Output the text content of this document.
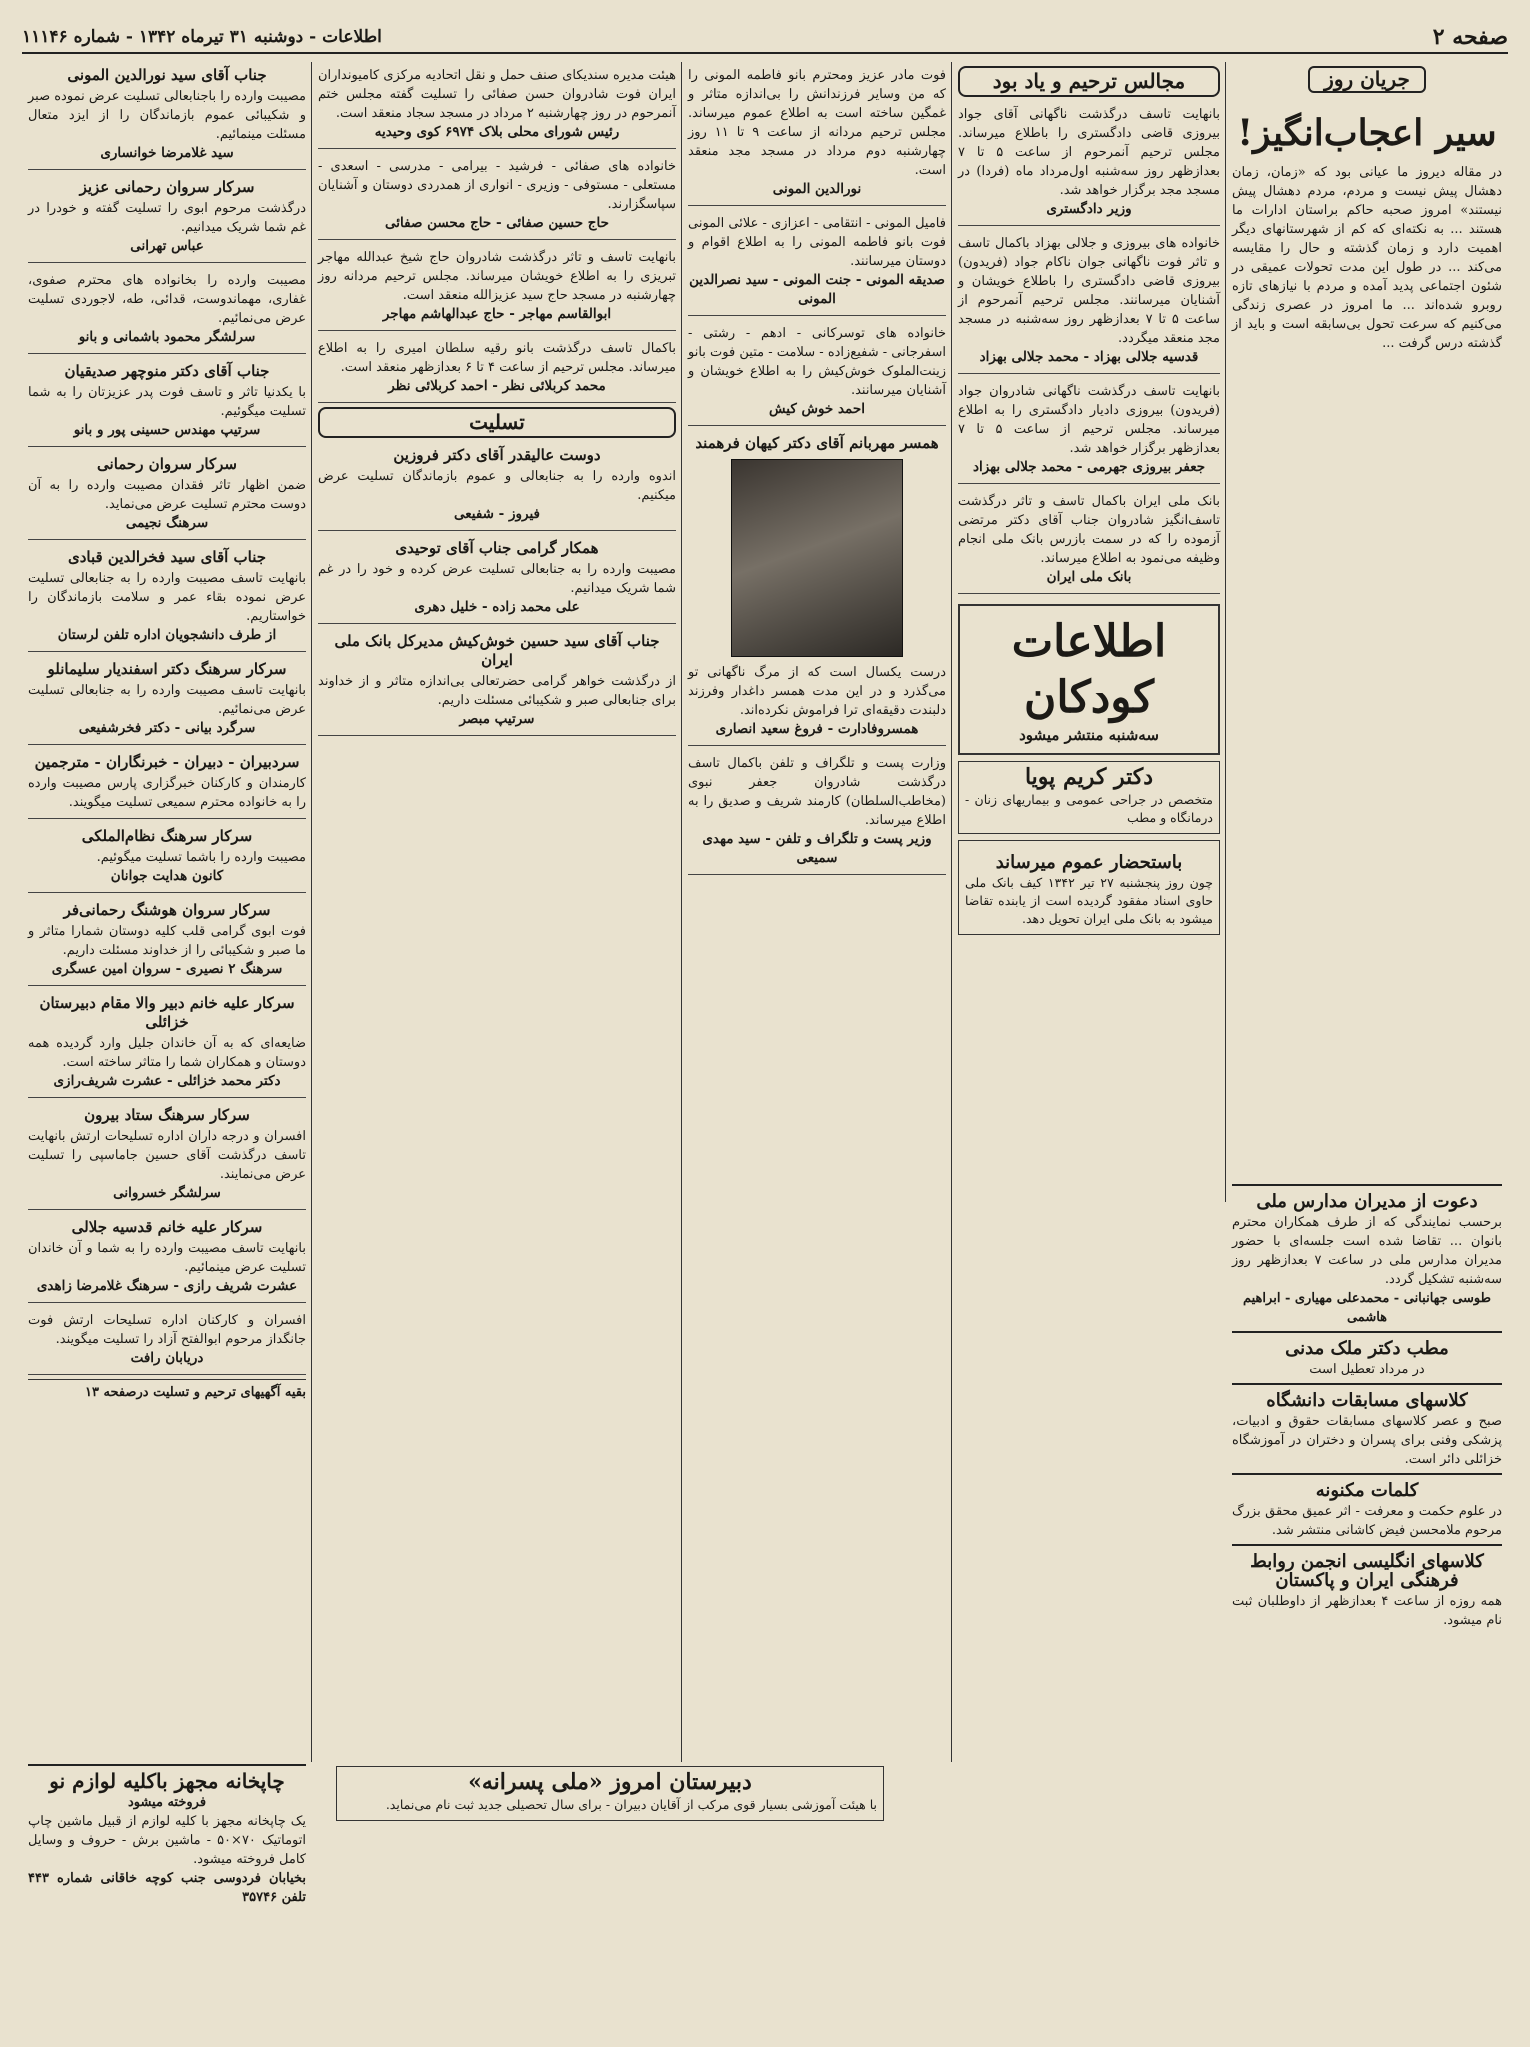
صفحه ۲
اطلاعات - دوشنبه ۳۱ تیرماه ۱۳۴۲ - شماره ۱۱۱۴۶
جریان روز
سیر اعجاب‌انگیز!
در مقاله دیروز ما عیانی بود که «زمان، زمان دهشال پیش نیست و مردم، مردم دهشال پیش نیستند» امروز صحبه حاکم براستان ادارات ما هستند ... به نکته‌ای که کم از شهرستانهای دیگر اهمیت دارد و زمان گذشته و حال را مقایسه می‌کند ... در طول این مدت تحولات عمیقی در شئون اجتماعی پدید آمده و مردم با نیازهای تازه روبرو شده‌اند ... ما امروز در عصری زندگی می‌کنیم که سرعت تحول بی‌سابقه است و باید از گذشته درس گرفت ...
مجالس ترحیم و یاد بود
بانهایت تاسف درگذشت ناگهانی آقای جواد بیروزی قاضی دادگستری را باطلاع میرساند. مجلس ترحیم آنمرحوم از ساعت ۵ تا ۷ بعدازظهر روز سه‌شنبه اول‌مرداد ماه (فردا) در مسجد مجد برگزار خواهد شد.
وزیر دادگستری
خانواده های بیروزی و جلالی بهزاد باکمال تاسف و تاثر فوت ناگهانی جوان ناکام جواد (فریدون) بیروزی قاضی دادگستری را باطلاع خویشان و آشنایان میرسانند. مجلس ترحیم آنمرحوم از ساعت ۵ تا ۷ بعدازظهر روز سه‌شنبه در مسجد مجد منعقد میگردد.
قدسیه جلالی بهزاد - محمد جلالی بهزاد
بانهایت تاسف درگذشت ناگهانی شادروان جواد (فریدون) بیروزی دادیار دادگستری را به اطلاع میرساند. مجلس ترحیم از ساعت ۵ تا ۷ بعدازظهر برگزار خواهد شد.
جعفر بیروزی جهرمی - محمد جلالی بهزاد
بانک ملی ایران باکمال تاسف و تاثر درگذشت تاسف‌انگیز شادروان جناب آقای دکتر مرتضی آزموده را که در سمت بازرس بانک ملی انجام وظیفه می‌نمود به اطلاع میرساند.
بانک ملی ایران
اطلاعات کودکان
سه‌شنبه منتشر میشود
دکتر کریم پویا

متخصص در جراحی عمومی و بیماریهای زنان - درمانگاه و مطب

باستحضار عموم میرساند

چون روز پنجشنبه ۲۷ تیر ۱۳۴۲ کیف بانک ملی حاوی اسناد مفقود گردیده است از یابنده تقاضا میشود به بانک ملی ایران تحویل دهد.

فوت مادر عزیز ومحترم بانو فاطمه المونی را که من وسایر فرزندانش را بی‌اندازه متاثر و غمگین ساخته است به اطلاع عموم میرساند. مجلس ترحیم مردانه از ساعت ۹ تا ۱۱ روز چهارشنبه دوم مرداد در مسجد مجد منعقد است.
نورالدین المونی
فامیل المونی - انتقامی - اعزازی - علائی المونی فوت بانو فاطمه المونی را به اطلاع اقوام و دوستان میرسانند.
صدیقه المونی - جنت المونی - سید نصرالدین المونی
خانواده های توسرکانی - ادهم - رشتی - اسفرجانی - شفیع‌زاده - سلامت - متین فوت بانو زینت‌الملوک خوش‌کیش را به اطلاع خویشان و آشنایان میرسانند.
احمد خوش کیش
همسر مهربانم آقای دکتر کیهان فرهمند
درست یکسال است که از مرگ ناگهانی تو می‌گذرد و در این مدت همسر داغدار وفرزند دلبندت دقیقه‌ای ترا فراموش نکرده‌اند.
همسروفادارت - فروغ سعید انصاری
وزارت پست و تلگراف و تلفن باکمال تاسف درگذشت شادروان جعفر نبوی (مخاطب‌السلطان) کارمند شریف و صدیق را به اطلاع میرساند.
وزیر پست و تلگراف و تلفن - سید مهدی سمیعی
هیئت مدیره سندیکای صنف حمل و نقل اتحادیه مرکزی کامیونداران ایران فوت شادروان حسن صفائی را تسلیت گفته مجلس ختم آنمرحوم در روز چهارشنبه ۲ مرداد در مسجد سجاد منعقد است.
رئیس شورای محلی بلاک ۶۹۷۴ کوی وحیدیه
خانواده های صفائی - فرشید - بیرامی - مدرسی - اسعدی - مستعلی - مستوفی - وزیری - انواری از همدردی دوستان و آشنایان سپاسگزارند.
حاج حسین صفائی - حاج محسن صفائی
بانهایت تاسف و تاثر درگذشت شادروان حاج شیخ عبدالله مهاجر تبریزی را به اطلاع خویشان میرساند. مجلس ترحیم مردانه روز چهارشنبه در مسجد حاج سید عزیزالله منعقد است.
ابوالقاسم مهاجر - حاج عبدالهاشم مهاجر
باکمال تاسف درگذشت بانو رقیه سلطان امیری را به اطلاع میرساند. مجلس ترحیم از ساعت ۴ تا ۶ بعدازظهر منعقد است.
محمد کربلائی نظر - احمد کربلائی نظر
تسلیت
دوست عالیقدر آقای دکتر فروزین
اندوه وارده را به جنابعالی و عموم بازماندگان تسلیت عرض میکنیم.
فیروز - شفیعی
همکار گرامی جناب آقای توحیدی
مصیبت وارده را به جنابعالی تسلیت عرض کرده و خود را در غم شما شریک میدانیم.
علی محمد زاده - خلیل دهری
جناب آقای سید حسین خوش‌کیش مدیرکل بانک ملی ایران
از درگذشت خواهر گرامی حضرتعالی بی‌اندازه متاثر و از خداوند برای جنابعالی صبر و شکیبائی مسئلت داریم.
سرتیپ مبصر
جناب آقای سید نورالدین المونی
مصیبت وارده را باجنابعالی تسلیت عرض نموده صبر و شکیبائی عموم بازماندگان را از ایزد متعال مسئلت مینمائیم.
سید غلامرضا خوانساری
سرکار سروان رحمانی عزیز
درگذشت مرحوم ابوی را تسلیت گفته و خودرا در غم شما شریک میدانیم.
عباس تهرانی
مصیبت وارده را بخانواده های محترم صفوی، غفاری، مهماندوست، قدائی، طه، لاجوردی تسلیت عرض می‌نمائیم.
سرلشگر محمود باشمانی و بانو
جناب آقای دکتر منوچهر صدیقیان
با یکدنیا تاثر و تاسف فوت پدر عزیزتان را به شما تسلیت میگوئیم.
سرتیپ مهندس حسینی پور و بانو
سرکار سروان رحمانی
ضمن اظهار تاثر فقدان مصیبت وارده را به آن دوست محترم تسلیت عرض می‌نماید.
سرهنگ نجیمی
جناب آقای سید فخرالدین قبادی
بانهایت تاسف مصیبت وارده را به جنابعالی تسلیت عرض نموده بقاء عمر و سلامت بازماندگان را خواستاریم.
از طرف دانشجویان اداره تلفن لرستان
سرکار سرهنگ دکتر اسفندیار سلیمانلو
بانهایت تاسف مصیبت وارده را به جنابعالی تسلیت عرض می‌نمائیم.
سرگرد بیانی - دکتر فخرشفیعی
سردبیران - دبیران - خبرنگاران - مترجمین
کارمندان و کارکنان خبرگزاری پارس مصیبت وارده را به خانواده محترم سمیعی تسلیت میگویند.
سرکار سرهنگ نظام‌الملکی
مصیبت وارده را باشما تسلیت میگوئیم.
کانون هدایت جوانان
سرکار سروان هوشنگ رحمانی‌فر
فوت ابوی گرامی قلب کلیه دوستان شمارا متاثر و ما صبر و شکیبائی را از خداوند مسئلت داریم.
سرهنگ ۲ نصیری - سروان امین عسگری
سرکار علیه خانم دبیر والا مقام دبیرستان خزائلی
ضایعه‌ای که به آن خاندان جلیل وارد گردیده همه دوستان و همکاران شما را متاثر ساخته است.
دکتر محمد خزائلی - عشرت شریف‌رازی
سرکار سرهنگ ستاد بیرون
افسران و درجه داران اداره تسلیحات ارتش بانهایت تاسف درگذشت آقای حسین جاماسپی را تسلیت عرض می‌نمایند.
سرلشگر خسروانی
سرکار علیه خانم قدسیه جلالی
بانهایت تاسف مصیبت وارده را به شما و آن خاندان تسلیت عرض مینمائیم.
عشرت شریف رازی - سرهنگ غلامرضا زاهدی
افسران و کارکنان اداره تسلیحات ارتش فوت جانگداز مرحوم ابوالفتح آزاد را تسلیت میگویند.
دریابان رافت
بقیه آگهیهای ترحیم و تسلیت درصفحه ۱۳
دعوت از مدیران مدارس ملی
برحسب نمایندگی که از طرف همکاران محترم بانوان ... تقاضا شده است جلسه‌ای با حضور مدیران مدارس ملی در ساعت ۷ بعدازظهر روز سه‌شنبه تشکیل گردد.
طوسی جهانبانی - محمدعلی مهیاری - ابراهیم هاشمی
مطب دکتر ملک مدنی
در مرداد تعطیل است
کلاسهای مسابقات دانشگاه
صبح و عصر کلاسهای مسابقات حقوق و ادبیات، پزشکی وفنی برای پسران و دختران در آموزشگاه خزائلی دائر است.
کلمات مکنونه
در علوم حکمت و معرفت - اثر عمیق محقق بزرگ مرحوم ملامحسن فیض کاشانی منتشر شد.
کلاسهای انگلیسی انجمن روابط فرهنگی ایران و پاکستان
همه روزه از ساعت ۴ بعدازظهر از داوطلبان ثبت نام میشود.
چاپخانه مجهز باکلیه لوازم نو
فروخته میشود
یک چاپخانه مجهز با کلیه لوازم از قبیل ماشین چاپ اتوماتیک ۷۰×۵۰ - ماشین برش - حروف و وسایل کامل فروخته میشود.
بخیابان فردوسی جنب کوچه خاقانی شماره ۴۴۳ تلفن ۳۵۷۴۶
دبیرستان امروز «ملی پسرانه»

با هیئت آموزشی بسیار قوی مرکب از آقایان دبیران - برای سال تحصیلی جدید ثبت نام می‌نماید.
